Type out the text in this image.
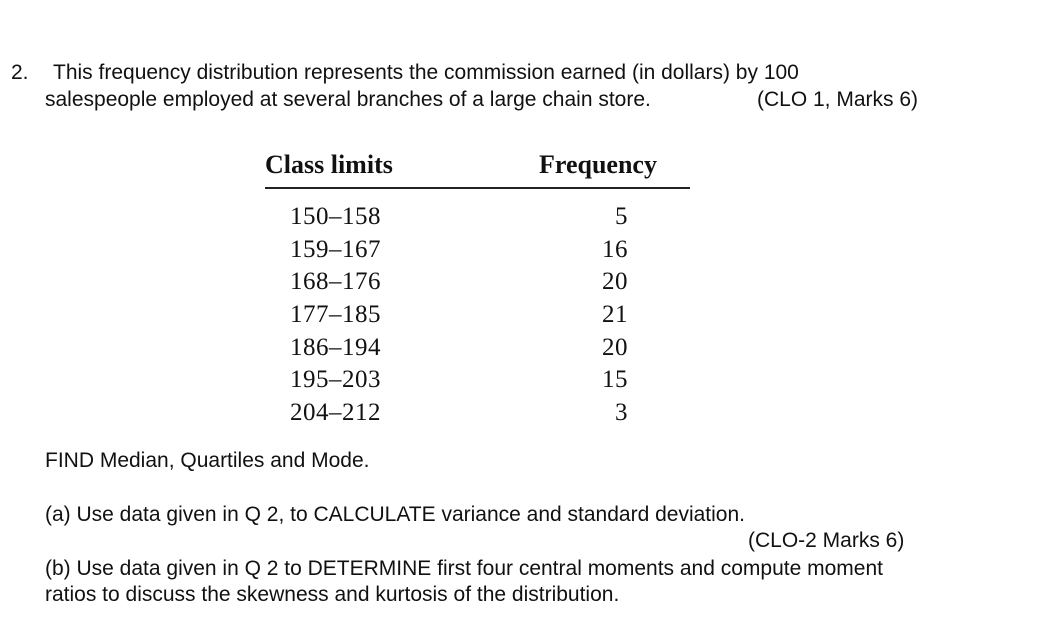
2. This frequency distribution represents the commission earned (in dollars) by 100
salespeople employed at several branches of a large chain store.	(CLO 1, Marks 6)
Class limits	Frequency
150–158	5
159–167	16
168–176	20
177–185	21
186–194	20
195–203	15
204–212	3
FIND Median, Quartiles and Mode.
(a) Use data given in Q 2, to CALCULATE variance and standard deviation.
(CLO-2 Marks 6)
(b) Use data given in Q 2 to DETERMINE first four central moments and compute moment
ratios to discuss the skewness and kurtosis of the distribution.
